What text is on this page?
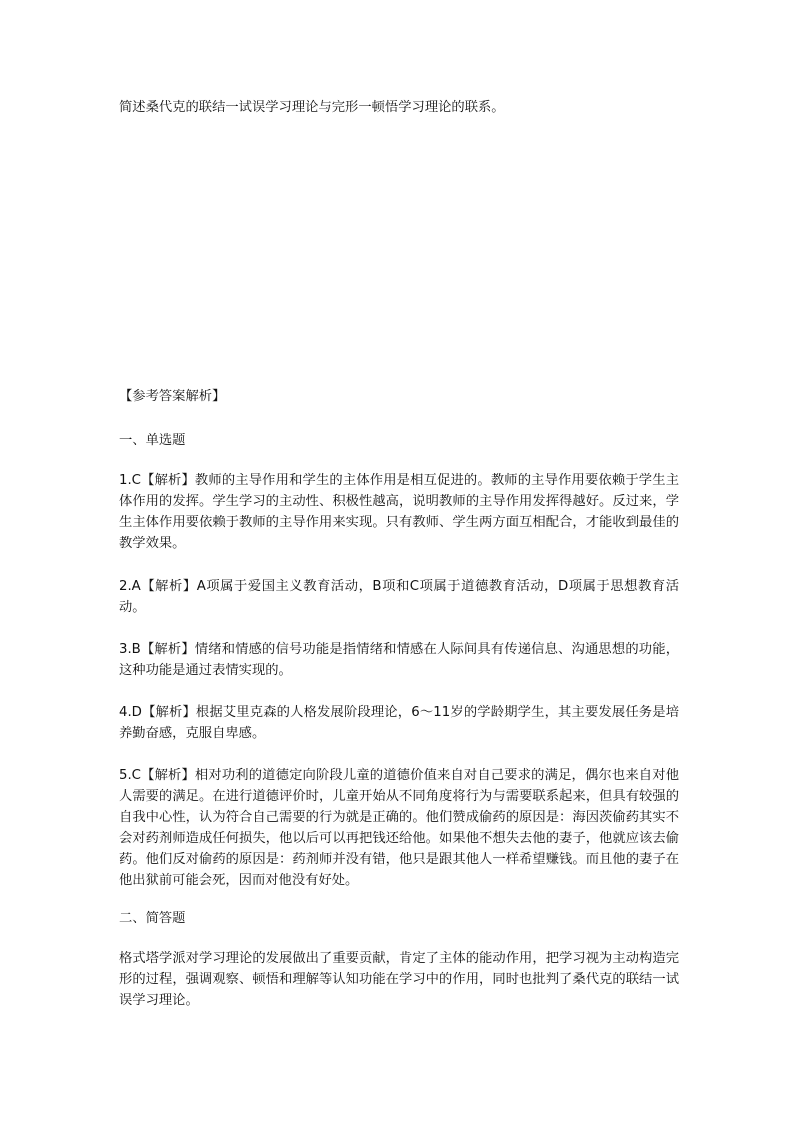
简述桑代克的联结一试误学习理论与完形一顿悟学习理论的联系。

【参考答案解析】

一、单选题

1.C【解析】教师的主导作用和学生的主体作用是相互促进的。教师的主导作用要依赖于学生主体作用的发挥。学生学习的主动性、积极性越高，说明教师的主导作用发挥得越好。反过来，学生主体作用要依赖于教师的主导作用来实现。只有教师、学生两方面互相配合，才能收到最佳的教学效果。

2.A【解析】A项属于爱国主义教育活动，B项和C项属于道德教育活动，D项属于思想教育活动。

3.B【解析】情绪和情感的信号功能是指情绪和情感在人际间具有传递信息、沟通思想的功能，这种功能是通过表情实现的。

4.D【解析】根据艾里克森的人格发展阶段理论，6～11岁的学龄期学生，其主要发展任务是培养勤奋感，克服自卑感。

5.C【解析】相对功利的道德定向阶段儿童的道德价值来自对自己要求的满足，偶尔也来自对他人需要的满足。在进行道德评价时，儿童开始从不同角度将行为与需要联系起来，但具有较强的自我中心性，认为符合自己需要的行为就是正确的。他们赞成偷药的原因是：海因茨偷药其实不会对药剂师造成任何损失，他以后可以再把钱还给他。如果他不想失去他的妻子，他就应该去偷药。他们反对偷药的原因是：药剂师并没有错，他只是跟其他人一样希望赚钱。而且他的妻子在他出狱前可能会死，因而对他没有好处。

二、简答题

格式塔学派对学习理论的发展做出了重要贡献，肯定了主体的能动作用，把学习视为主动构造完形的过程，强调观察、顿悟和理解等认知功能在学习中的作用，同时也批判了桑代克的联结一试误学习理论。
